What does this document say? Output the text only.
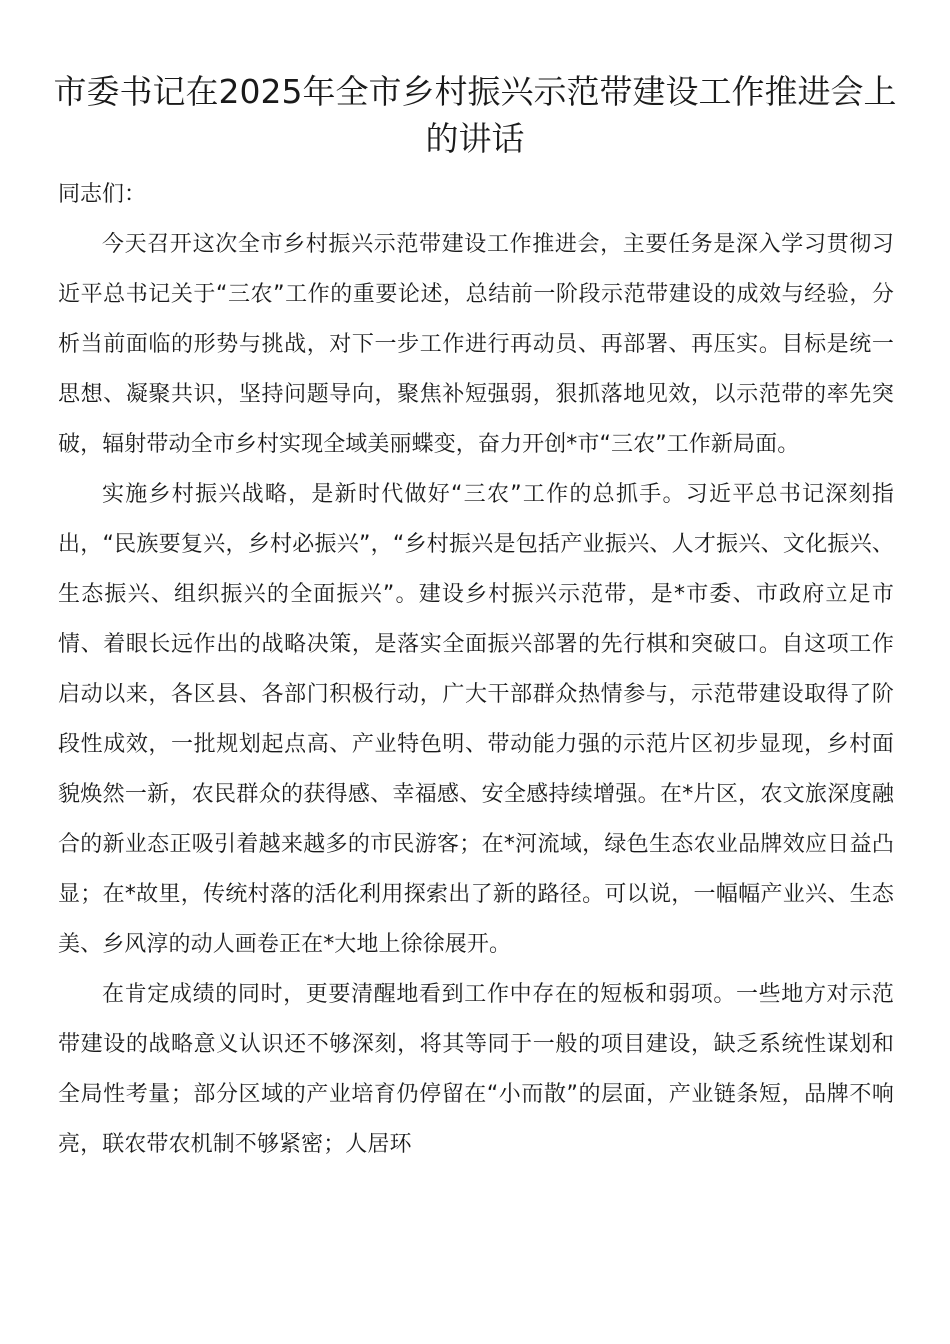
市委书记在2025年全市乡村振兴示范带建设工作推进会上的讲话

同志们：

今天召开这次全市乡村振兴示范带建设工作推进会，主要任务是深入学习贯彻习近平总书记关于“三农”工作的重要论述，总结前一阶段示范带建设的成效与经验，分析当前面临的形势与挑战，对下一步工作进行再动员、再部署、再压实。目标是统一思想、凝聚共识，坚持问题导向，聚焦补短强弱，狠抓落地见效，以示范带的率先突破，辐射带动全市乡村实现全域美丽蝶变，奋力开创*市“三农”工作新局面。

实施乡村振兴战略，是新时代做好“三农”工作的总抓手。习近平总书记深刻指出，“民族要复兴，乡村必振兴”，“乡村振兴是包括产业振兴、人才振兴、文化振兴、生态振兴、组织振兴的全面振兴”。建设乡村振兴示范带，是*市委、市政府立足市情、着眼长远作出的战略决策，是落实全面振兴部署的先行棋和突破口。自这项工作启动以来，各区县、各部门积极行动，广大干部群众热情参与，示范带建设取得了阶段性成效，一批规划起点高、产业特色明、带动能力强的示范片区初步显现，乡村面貌焕然一新，农民群众的获得感、幸福感、安全感持续增强。在*片区，农文旅深度融合的新业态正吸引着越来越多的市民游客；在*河流域，绿色生态农业品牌效应日益凸显；在*故里，传统村落的活化利用探索出了新的路径。可以说，一幅幅产业兴、生态美、乡风淳的动人画卷正在*大地上徐徐展开。

在肯定成绩的同时，更要清醒地看到工作中存在的短板和弱项。一些地方对示范带建设的战略意义认识还不够深刻，将其等同于一般的项目建设，缺乏系统性谋划和全局性考量；部分区域的产业培育仍停留在“小而散”的层面，产业链条短，品牌不响亮，联农带农机制不够紧密；人居环
